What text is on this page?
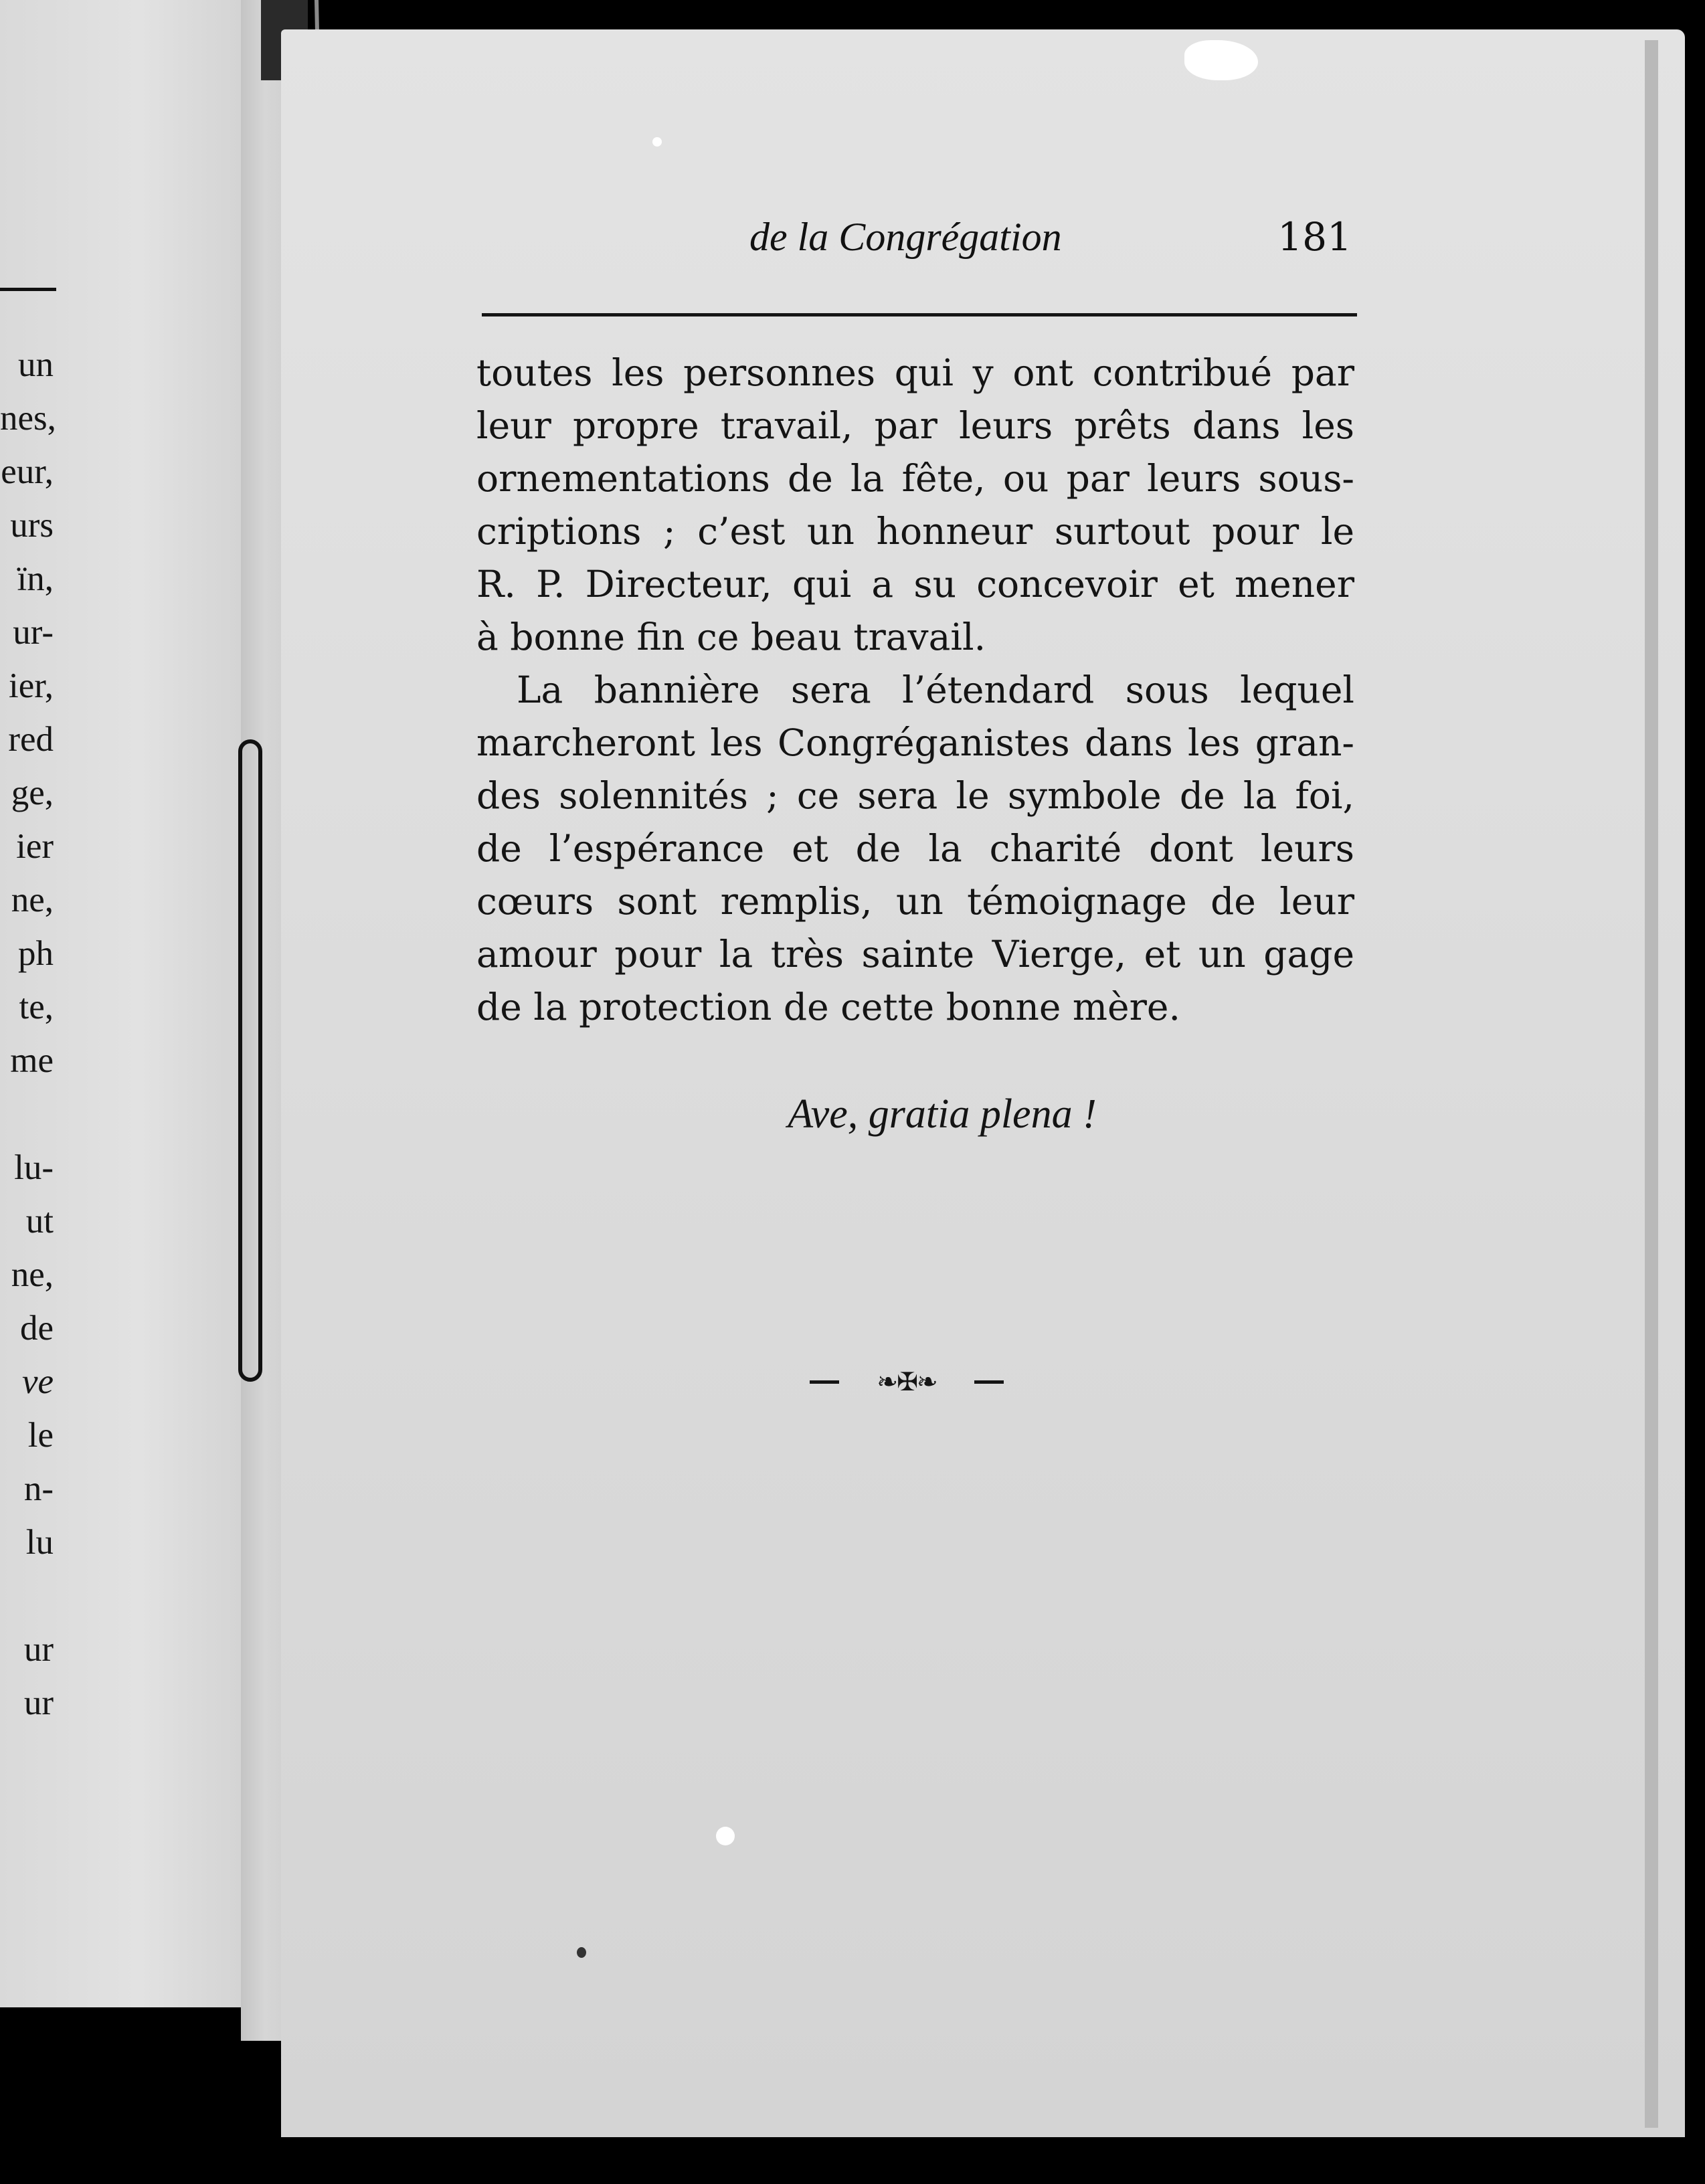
un
nes,
eur,
urs
ïn,
ur-
ier,
red
ge,
ier
ne,
ph
te,
me
lu-
ut
ne,
de
ve
le
n-
lu
ur
ur
de la Congrégation	181

toutes les personnes qui y ont contribué par
leur propre travail, par leurs prêts dans les
ornementations de la fête, ou par leurs sous-
criptions ; c’est un honneur surtout pour le
R. P. Directeur, qui a su concevoir et mener
à bonne fin ce beau travail.

La bannière sera l’étendard sous lequel
marcheront les Congréganistes dans les gran-
des solennités ; ce sera le symbole de la foi,
de l’espérance et de la charité dont leurs
cœurs sont remplis, un témoignage de leur
amour pour la très sainte Vierge, et un gage
de la protection de cette bonne mère.

Ave, gratia plena !
❧✠❧
